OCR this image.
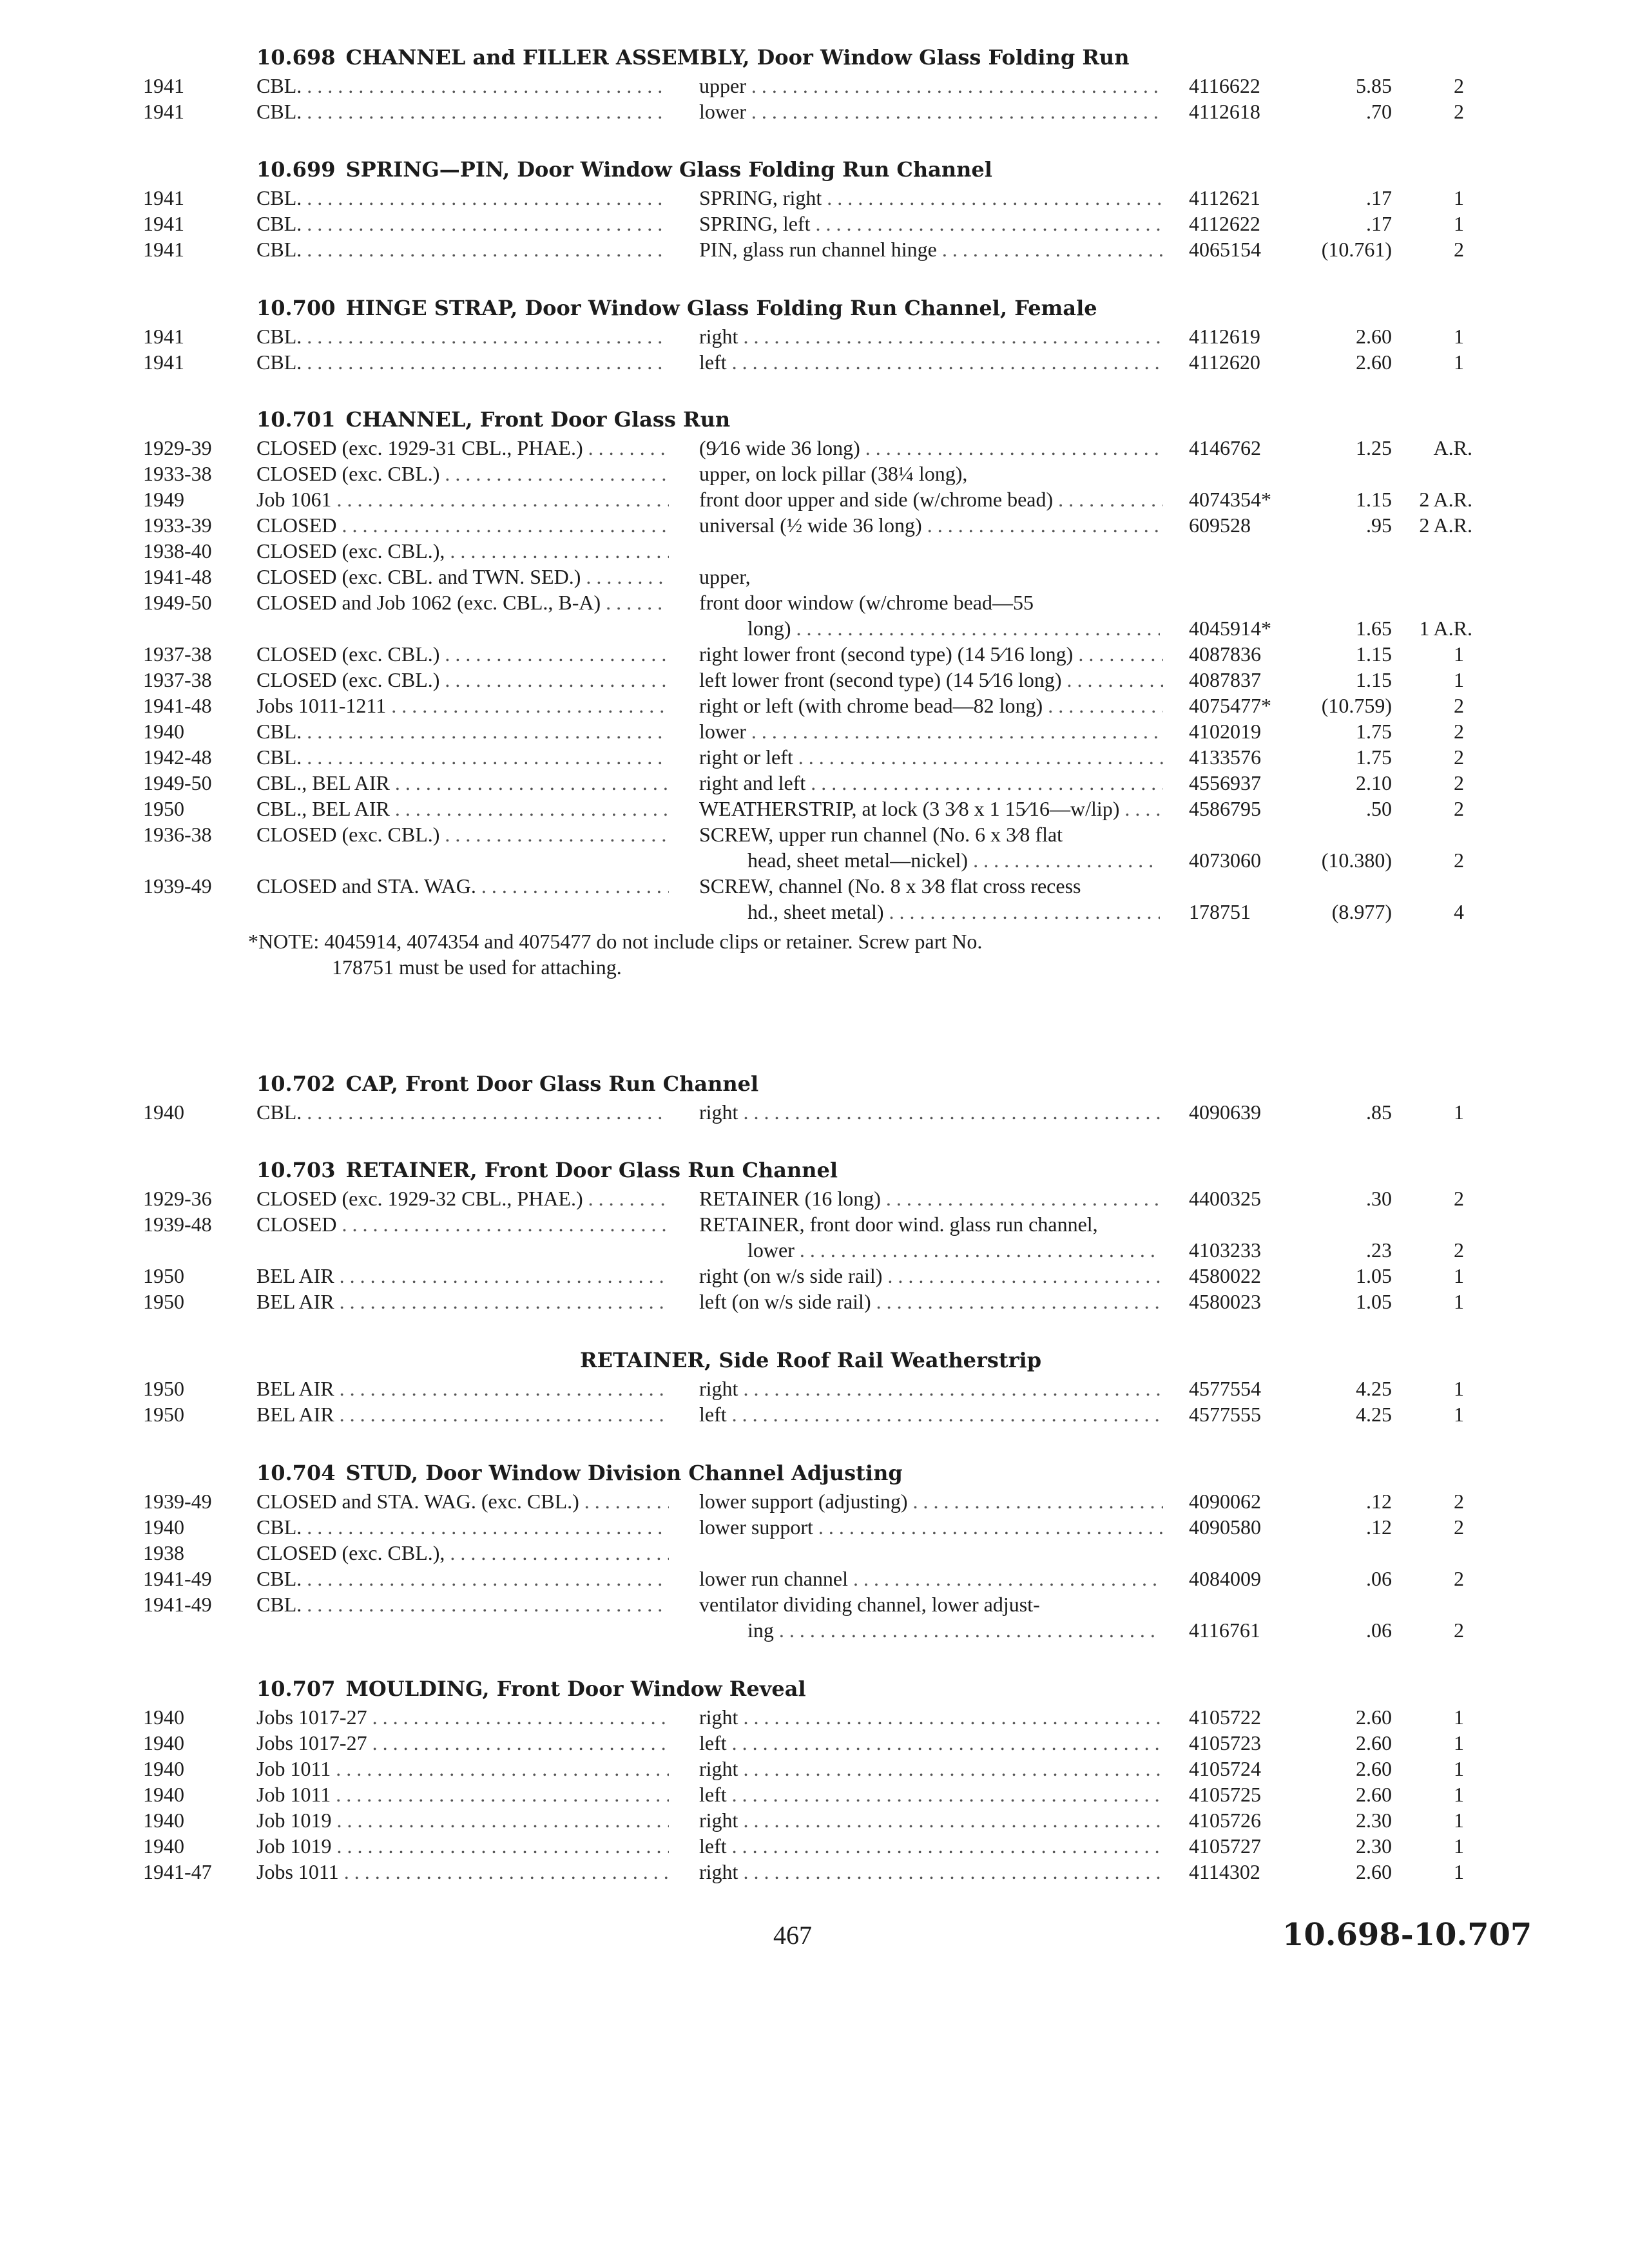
10.698 CHANNEL and FILLER ASSEMBLY, Door Window Glass Folding Run
1941	CBL. . . .	upper . . .	4116622	5.85	2
1941	CBL. . . .	lower . . .	4112618	.70	2
10.699 SPRING—PIN, Door Window Glass Folding Run Channel
1941	CBL. . . .	SPRING, right . . .	4112621	.17	1
1941	CBL. . . .	SPRING, left . . .	4112622	.17	1
1941	CBL. . . .	PIN, glass run channel hinge . . .	4065154	(10.761)	2
10.700 HINGE STRAP, Door Window Glass Folding Run Channel, Female
1941	CBL. . . .	right . . .	4112619	2.60	1
1941	CBL. . . .	left . . .	4112620	2.60	1
10.701 CHANNEL, Front Door Glass Run
1929-39 CLOSED (exc. 1929-31 CBL., PHAE.) . . .	(9⁄16 wide 36 long) . . .	4146762	1.25	A.R.
1933-38 CLOSED (exc. CBL.) . . .	upper, on lock pillar (38¼ long),
1949	Job 1061 . . .	front door upper and side (w/chrome bead) . . .	4074354*	1.15	2 A.R.
1933-39 CLOSED . . .	universal (½ wide 36 long) . . .	609528	.95	2 A.R.
1938-40 CLOSED (exc. CBL.), . . .
1941-48 CLOSED (exc. CBL. and TWN. SED.) . . .	upper,
1949-50 CLOSED and Job 1062 (exc. CBL., B-A) . . .	front door window (w/chrome bead—55
long) . . .	4045914*	1.65	1 A.R.
1937-38 CLOSED (exc. CBL.) . . .	right lower front (second type) (14 5⁄16 long) . . .	4087836	1.15	1
1937-38 CLOSED (exc. CBL.) . . .	left lower front (second type) (14 5⁄16 long) . . .	4087837	1.15	1
1941-48 Jobs 1011-1211 . . .	right or left (with chrome bead—82 long) . . .	4075477*	(10.759)	2
1940	CBL. . . .	lower . . .	4102019	1.75	2
1942-48 CBL. . . .	right or left . . .	4133576	1.75	2
1949-50 CBL., BEL AIR . . .	right and left . . .	4556937	2.10	2
1950	CBL., BEL AIR . . .	WEATHERSTRIP, at lock (3 3⁄8 x 1 15⁄16—w/lip) . . .	4586795	.50	2
1936-38 CLOSED (exc. CBL.) . . .	SCREW, upper run channel (No. 6 x 3⁄8 flat
head, sheet metal—nickel) . . .	4073060	(10.380)	2
1939-49 CLOSED and STA. WAG. . . .	SCREW, channel (No. 8 x 3⁄8 flat cross recess
hd., sheet metal) . . .	178751	(8.977)	4
*NOTE: 4045914, 4074354 and 4075477 do not include clips or retainer. Screw part No.
178751 must be used for attaching.
10.702 CAP, Front Door Glass Run Channel
1940	CBL. . . .	right . . .	4090639	.85	1
10.703 RETAINER, Front Door Glass Run Channel
1929-36 CLOSED (exc. 1929-32 CBL., PHAE.) . . .	RETAINER (16 long) . . .	4400325	.30	2
1939-48 CLOSED . . .	RETAINER, front door wind. glass run channel,
lower . . .	4103233	.23	2
1950	BEL AIR . . .	right (on w/s side rail) . . .	4580022	1.05	1
1950	BEL AIR . . .	left (on w/s side rail) . . .	4580023	1.05	1
RETAINER, Side Roof Rail Weatherstrip
1950	BEL AIR . . .	right . . .	4577554	4.25	1
1950	BEL AIR . . .	left . . .	4577555	4.25	1
10.704 STUD, Door Window Division Channel Adjusting
1939-49 CLOSED and STA. WAG. (exc. CBL.) . . .	lower support (adjusting) . . .	4090062	.12	2
1940	CBL. . . .	lower support . . .	4090580	.12	2
1938	CLOSED (exc. CBL.), . . .
1941-49 CBL. . . .	lower run channel . . .	4084009	.06	2
1941-49 CBL. . . .	ventilator dividing channel, lower adjust-
ing . . .	4116761	.06	2
10.707 MOULDING, Front Door Window Reveal
1940	Jobs 1017-27 . . .	right . . .	4105722	2.60	1
1940	Jobs 1017-27 . . .	left . . .	4105723	2.60	1
1940	Job 1011 . . .	right . . .	4105724	2.60	1
1940	Job 1011 . . .	left . . .	4105725	2.60	1
1940	Job 1019 . . .	right . . .	4105726	2.30	1
1940	Job 1019 . . .	left . . .	4105727	2.30	1
1941-47 Jobs 1011 . . .	right . . .	4114302	2.60	1
467	10.698-10.707
